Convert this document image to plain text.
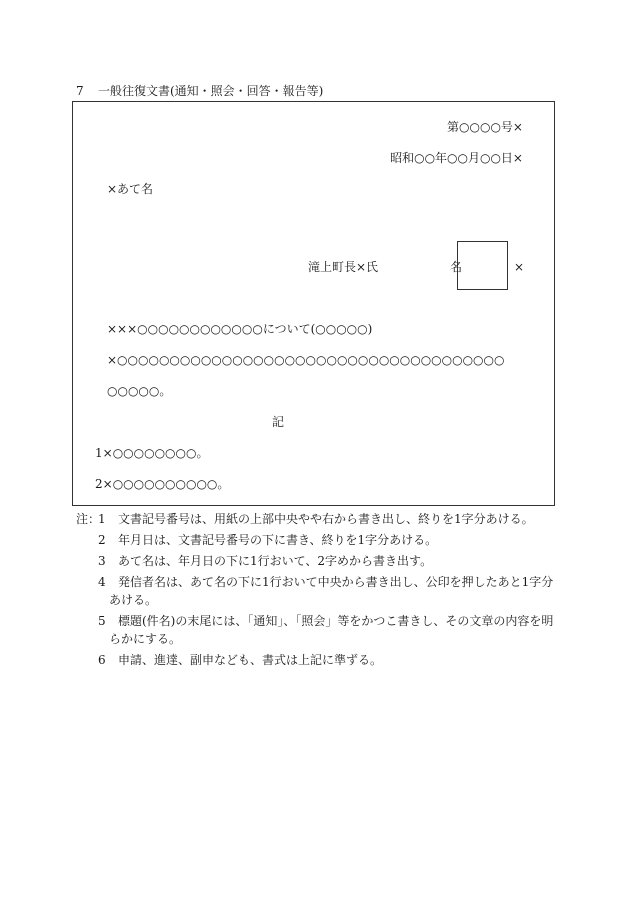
7 一般往復文書(通知・照会・回答・報告等)
第○○○○号×
昭和○○年○○月○○日×
×あて名
滝上町長×氏	名	×
×××○○○○○○○○○○○○について(○○○○○)
×○○○○○○○○○○○○○○○○○○○○○○○○○○○○○○○○○○○○○
○○○○○。
記
1×○○○○○○○○。
2×○○○○○○○○○○。
注：
1	文書記号番号は、用紙の上部中央やや右から書き出し、終りを1字分あける。
2	年月日は、文書記号番号の下に書き、終りを1字分あける。
3	あて名は、年月日の下に1行おいて、2字めから書き出す。
4	発信者名は、あて名の下に1行おいて中央から書き出し、公印を押したあと1字分
あける。
5	標題(件名)の末尾には、「通知」、「照会」等をかつこ書きし、その文章の内容を明
らかにする。
6	申請、進達、副申なども、書式は上記に準ずる。
